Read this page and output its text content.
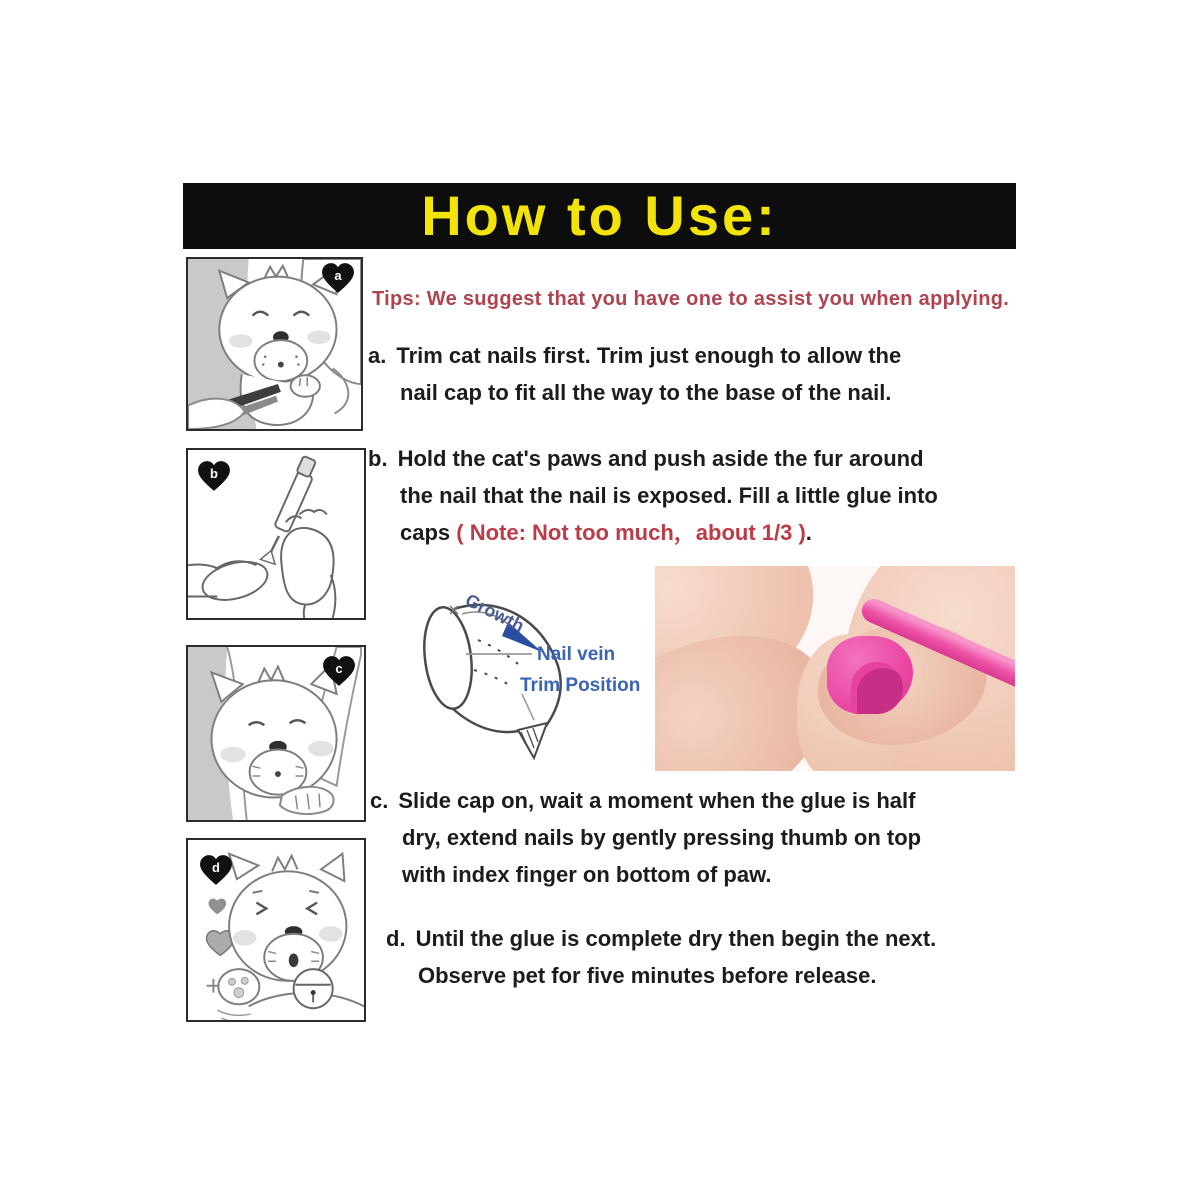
How to Use:
a
b
c
d
Tips: We suggest that you have one to assist you when applying.
a. Trim cat nails first. Trim just enough to allow the
nail cap to fit all the way to the base of the nail.
b. Hold the cat's paws and push aside the fur around
the nail that the nail is exposed. Fill a little glue into
caps ( Note: Not too much，about 1/3 ).
Growth
Nail vein
Trim Position
c. Slide cap on, wait a moment when the glue is half
dry, extend nails by gently pressing thumb on top
with index finger on bottom of paw.
d. Until the glue is complete dry then begin the next.
Observe pet for five minutes before release.
